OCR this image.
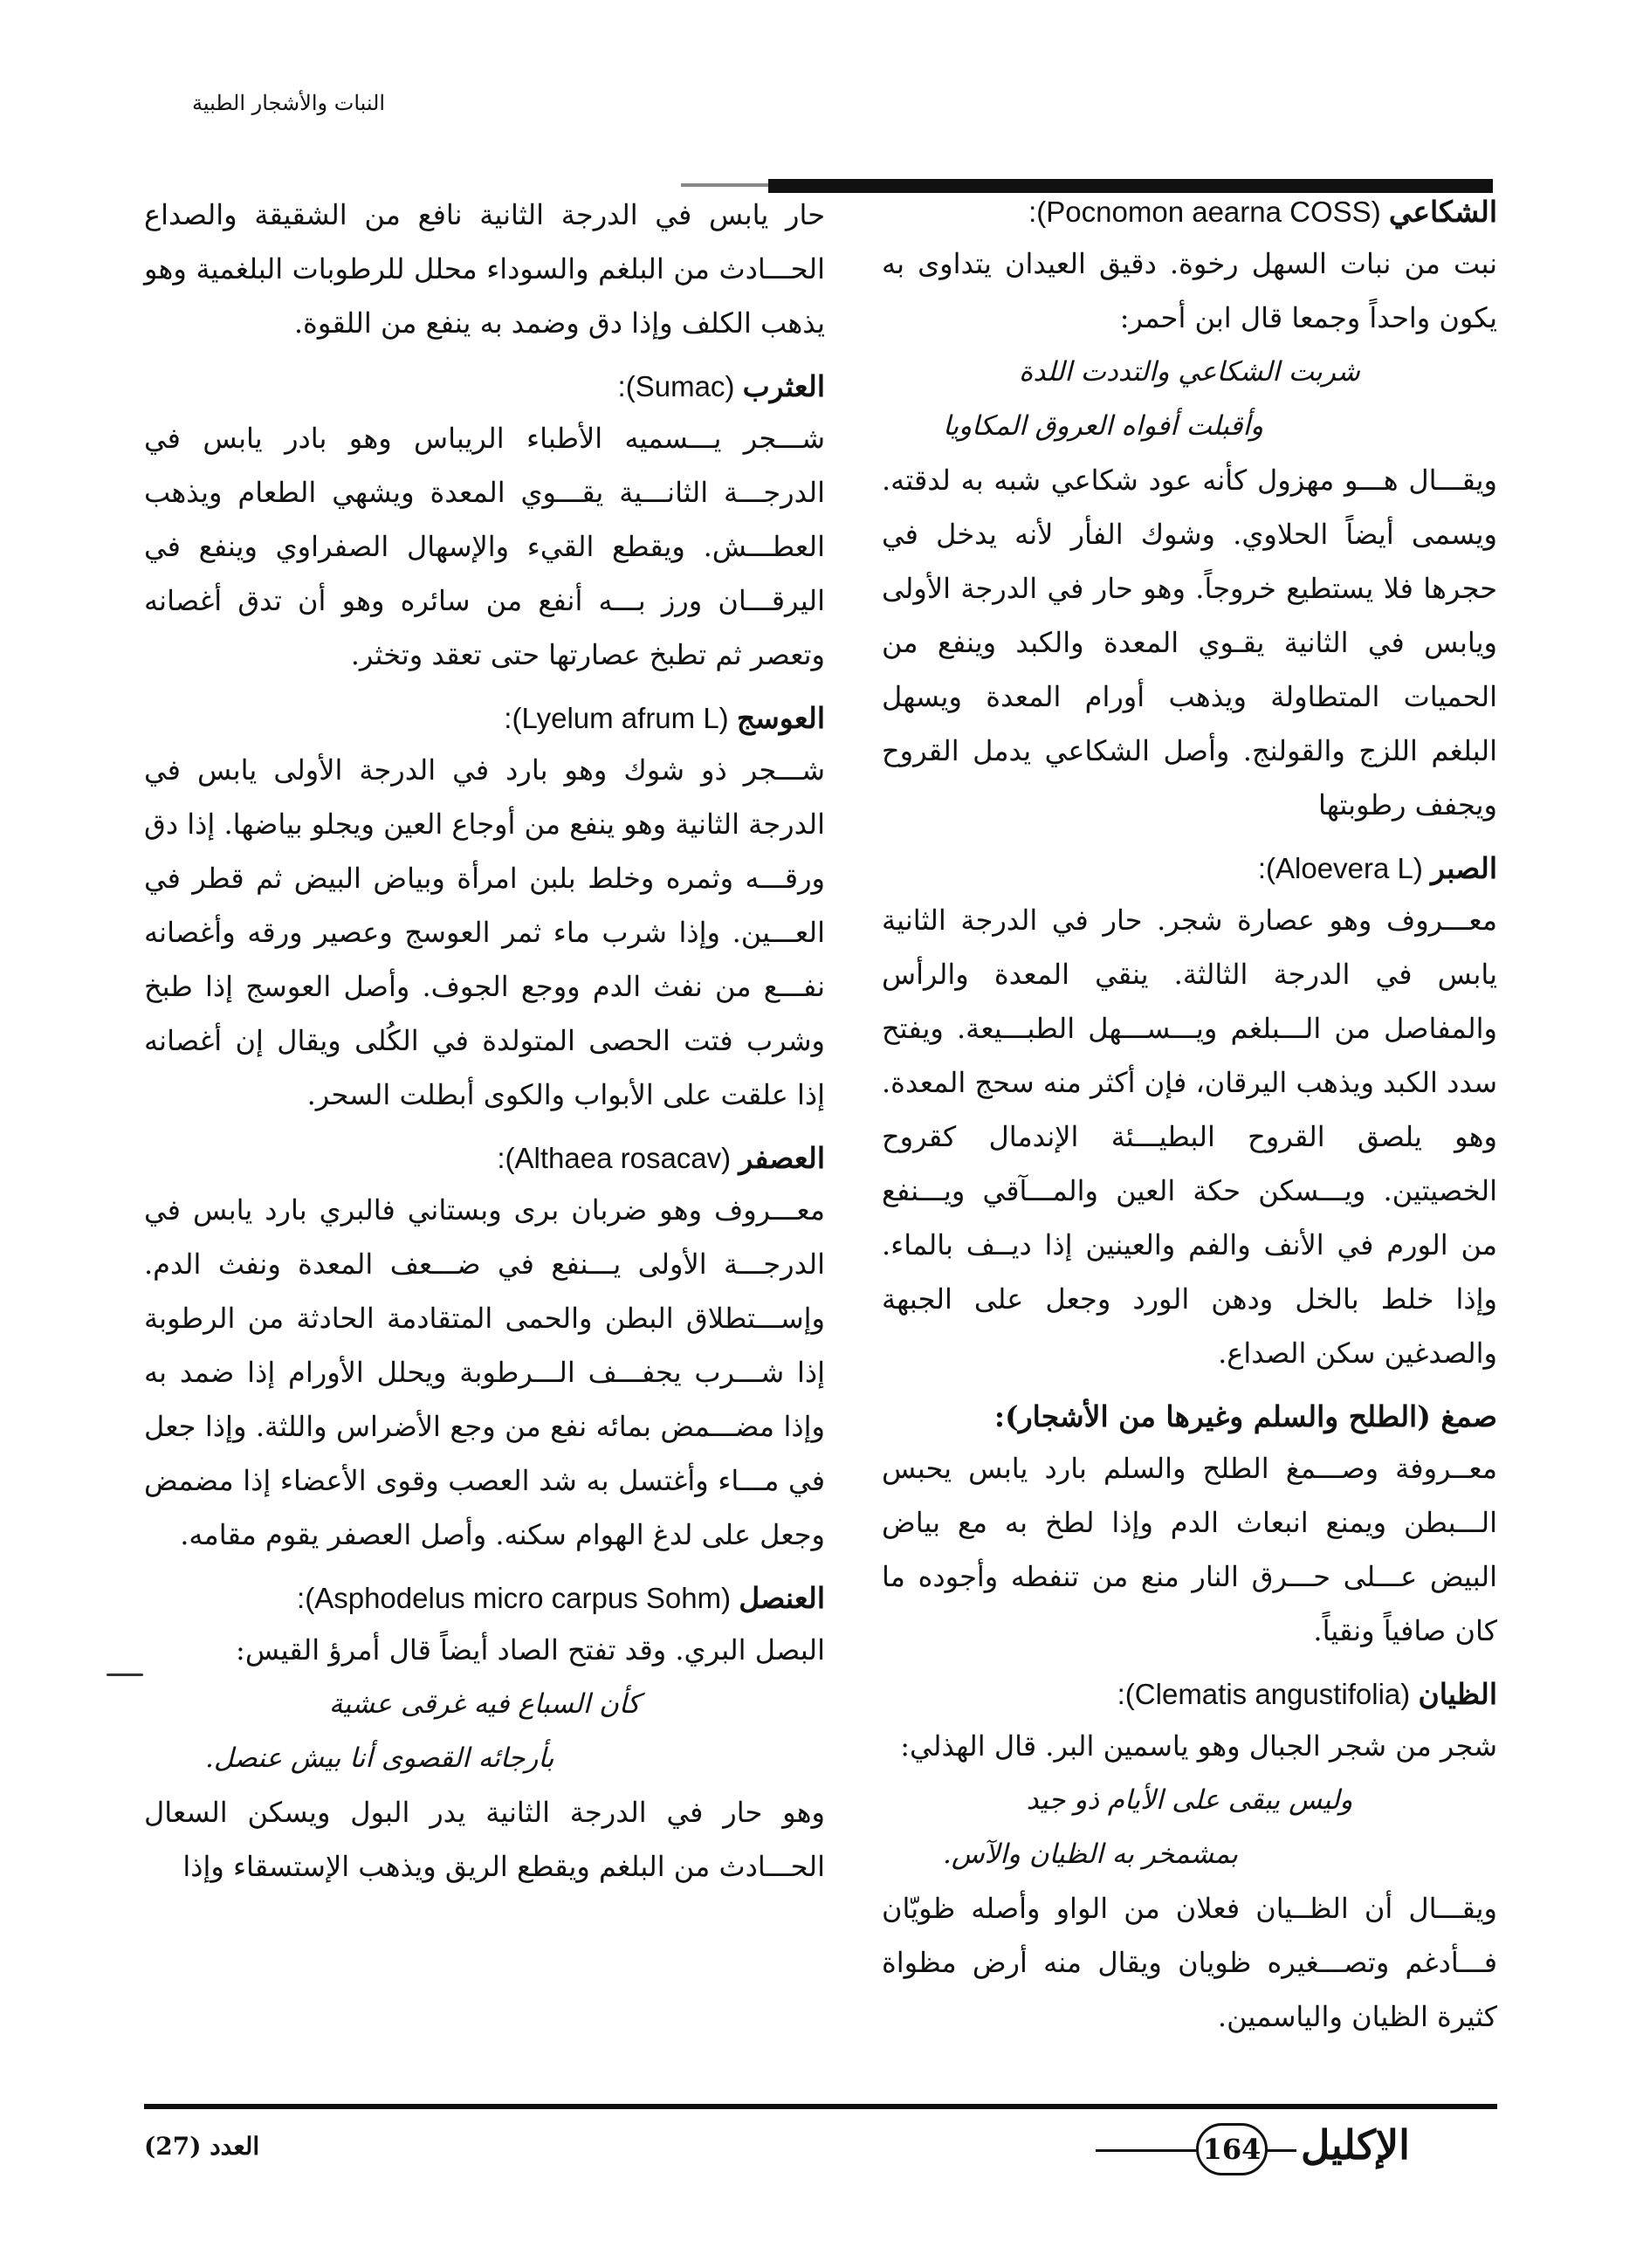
النبات والأشجار الطبية
الشكاعي (Pocnomon aearna COSS):

نبت من نبات السهل رخوة. دقيق العيدان يتداوى به يكون واحداً وجمعا قال ابن أحمر:

شربت الشكاعي والتددت اللدة
وأقبلت أفواه العروق المكاويا

ويقـــال هـــو مهزول كأنه عود شكاعي شبه به لدقته. ويسمى أيضاً الحلاوي. وشوك الفأر لأنه يدخل في حجرها فلا يستطيع خروجاً. وهو حار في الدرجة الأولى ويابس في الثانية يقـوي المعدة والكبد وينفع من الحميات المتطاولة ويذهب أورام المعدة ويسهل البلغم اللزج والقولنج. وأصل الشكاعي يدمل القروح ويجفف رطوبتها

الصبر (Aloevera L):

معـــروف وهو عصارة شجر. حار في الدرجة الثانية يابس في الدرجة الثالثة. ينقي المعدة والرأس والمفاصل من الـــبلغم ويـــســـهل الطبـــيعة. ويفتح سدد الكبد ويذهب اليرقان، فإن أكثر منه سحج المعدة. وهو يلصق القروح البطيـــئة الإندمال كقروح الخصيتين. ويـــسكن حكة العين والمـــآقي ويـــنفع من الورم في الأنف والفم والعينين إذا ديــف بالماء. وإذا خلط بالخل ودهن الورد وجعل على الجبهة والصدغين سكن الصداع.

صمغ (الطلح والسلم وغيرها من الأشجار):

معــروفة وصـــمغ الطلح والسلم بارد يابس يحبس الـــبطن ويمنع انبعاث الدم وإذا لطخ به مع بياض البيض عـــلى حـــرق النار منع من تنفطه وأجوده ما كان صافياً ونقياً.

الظيان (Clematis angustifolia):

شجر من شجر الجبال وهو ياسمين البر. قال الهذلي:

وليس يبقى على الأيام ذو جيد
بمشمخر به الظيان والآس.

ويقـــال أن الظــيان فعلان من الواو وأصله ظويّان فـــأدغم وتصـــغيره ظويان ويقال منه أرض مظواة كثيرة الظيان والياسمين.

حار يابس في الدرجة الثانية نافع من الشقيقة والصداع الحـــادث من البلغم والسوداء محلل للرطوبات البلغمية وهو يذهب الكلف وإذا دق وضمد به ينفع من اللقوة.

العثرب (Sumac):

شـــجر يـــسميه الأطباء الريباس وهو بادر يابس في الدرجـــة الثانـــية يقـــوي المعدة ويشهي الطعام ويذهب العطـــش. ويقطع القيء والإسهال الصفراوي وينفع في اليرقـــان ورز بـــه أنفع من سائره وهو أن تدق أغصانه وتعصر ثم تطبخ عصارتها حتى تعقد وتخثر.

العوسج (Lyelum afrum L):

شـــجر ذو شوك وهو بارد في الدرجة الأولى يابس في الدرجة الثانية وهو ينفع من أوجاع العين ويجلو بياضها. إذا دق ورقـــه وثمره وخلط بلبن امرأة وبياض البيض ثم قطر في العـــين. وإذا شرب ماء ثمر العوسج وعصير ورقه وأغصانه نفـــع من نفث الدم ووجع الجوف. وأصل العوسج إذا طبخ وشرب فتت الحصى المتولدة في الكُلى ويقال إن أغصانه إذا علقت على الأبواب والكوى أبطلت السحر.

العصفر (Althaea rosacav):

معـــروف وهو ضربان برى وبستاني فالبري بارد يابس في الدرجـــة الأولى يـــنفع في ضـــعف المعدة ونفث الدم. وإســـتطلاق البطن والحمى المتقادمة الحادثة من الرطوبة إذا شـــرب يجفـــف الـــرطوبة ويحلل الأورام إذا ضمد به وإذا مضـــمض بمائه نفع من وجع الأضراس واللثة. وإذا جعل في مـــاء وأغتسل به شد العصب وقوى الأعضاء إذا مضمض وجعل على لدغ الهوام سكنه. وأصل العصفر يقوم مقامه.

العنصل (Asphodelus micro carpus Sohm):

البصل البري. وقد تفتح الصاد أيضاً قال أمرؤ القيس:

كأن السباع فيه غرقى عشية
بأرجائه القصوى أنا بيش عنصل.

وهو حار في الدرجة الثانية يدر البول ويسكن السعال الحـــادث من البلغم ويقطع الريق ويذهب الإستسقاء وإذا

الإكليل
164
العدد (27)
